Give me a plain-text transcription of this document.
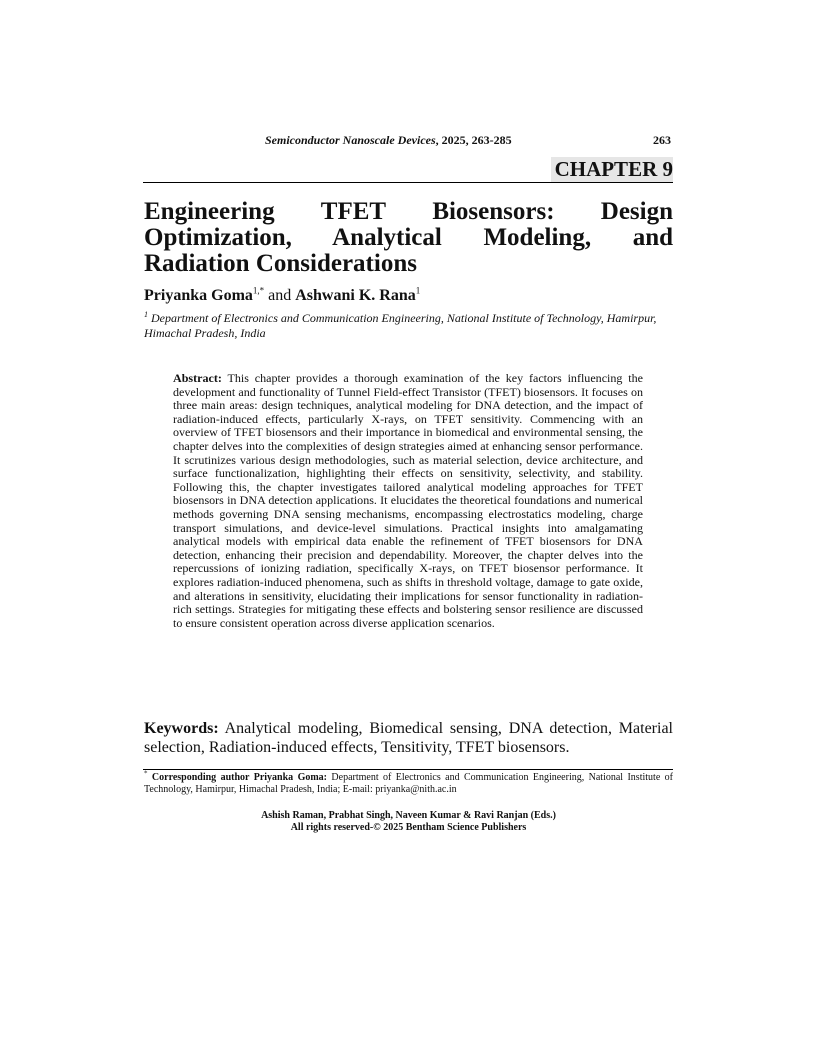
Semiconductor Nanoscale Devices, 2025, 263-285	263
CHAPTER 9
Engineering TFET Biosensors: Design
Optimization, Analytical Modeling, and Radiation Considerations
Priyanka Goma$^{1,*}$ and Ashwani K. Rana$^1$
$^1$ Department of Electronics and Communication Engineering, National Institute of Technology, Hamirpur, Himachal Pradesh, India
Abstract: This chapter provides a thorough examination of the key factors influencing the development and functionality of Tunnel Field-effect Transistor (TFET) biosensors. It focuses on three main areas: design techniques, analytical modeling for DNA detection, and the impact of radiation-induced effects, particularly X-rays, on TFET sensitivity. Commencing with an overview of TFET biosensors and their importance in biomedical and environmental sensing, the chapter delves into the complexities of design strategies aimed at enhancing sensor performance. It scrutinizes various design methodologies, such as material selection, device architecture, and surface functionalization, highlighting their effects on sensitivity, selectivity, and stability. Following this, the chapter investigates tailored analytical modeling approaches for TFET biosensors in DNA detection applications. It elucidates the theoretical foundations and numerical methods governing DNA sensing mechanisms, encompassing electrostatics modeling, charge transport simulations, and device-level simulations. Practical insights into amalgamating analytical models with empirical data enable the refinement of TFET biosensors for DNA detection, enhancing their precision and dependability. Moreover, the chapter delves into the repercussions of ionizing radiation, specifically X-rays, on TFET biosensor performance. It explores radiation-induced phenomena, such as shifts in threshold voltage, damage to gate oxide, and alterations in sensitivity, elucidating their implications for sensor functionality in radiation-rich settings. Strategies for mitigating these effects and bolstering sensor resilience are discussed to ensure consistent operation across diverse application scenarios.
Keywords: Analytical modeling, Biomedical sensing, DNA detection, Material selection, Radiation-induced effects, Tensitivity, TFET biosensors.
* Corresponding author Priyanka Goma: Department of Electronics and Communication Engineering, National Institute of Technology, Hamirpur, Himachal Pradesh, India; E-mail: priyanka@nith.ac.in
Ashish Raman, Prabhat Singh, Naveen Kumar & Ravi Ranjan (Eds.)
All rights reserved-© 2025 Bentham Science Publishers
